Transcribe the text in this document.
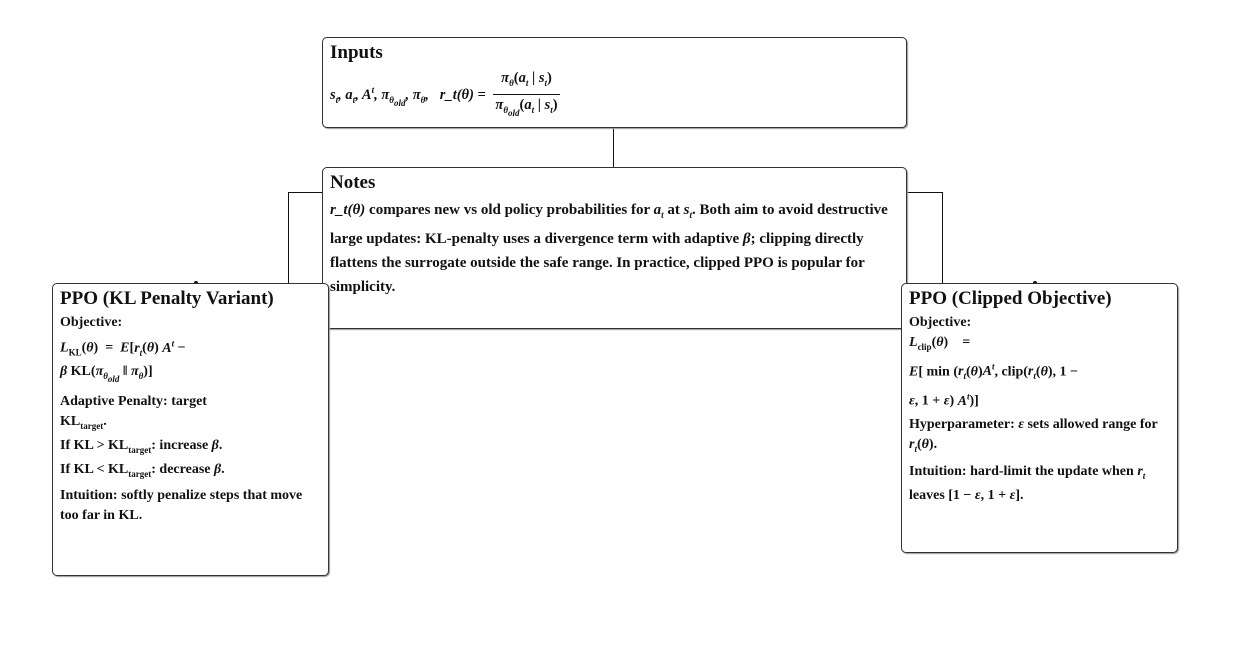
Inputs
$s_t$, $a_t$, $A^t$, $\pi_{\theta_{old}}$, $\pi_\theta$, r_t(θ) = $\frac{\pi_\theta(a_t | s_t)}{\pi_{\theta_{old}}(a_t | s_t)}$
Notes
r_t(θ) compares new vs old policy probabilities for $a_t$ at $s_t$. Both aim to avoid destructive large updates: KL-penalty uses a divergence term with adaptive β; clipping directly flattens the surrogate outside the safe range. In practice, clipped PPO is popular for simplicity.
PPO (KL Penalty Variant)
Objective:
$L_{KL}(\theta) = E[r_t(\theta) A^t$ −
β $KL(\pi_{\theta_{old}}$ ‖ $\pi_\theta$)]
Adaptive Penalty: target
$KL_{target}$.
If KL > $KL_{target}$: increase β.
If KL < $KL_{target}$: decrease β.
Intuition: softly penalize steps that move too far in KL.
PPO (Clipped Objective)
Objective:
$L_{clip}(\theta)$    =
E[ $\min (r_t(\theta)A^t$, $clip(r_t(\theta)$, 1 −
ε, 1 + ε) $A^t$)]
Hyperparameter: ε sets allowed range for $r_t(\theta)$.
Intuition: hard-limit the update when $r_t$ leaves [1 − ε, 1 + ε].
